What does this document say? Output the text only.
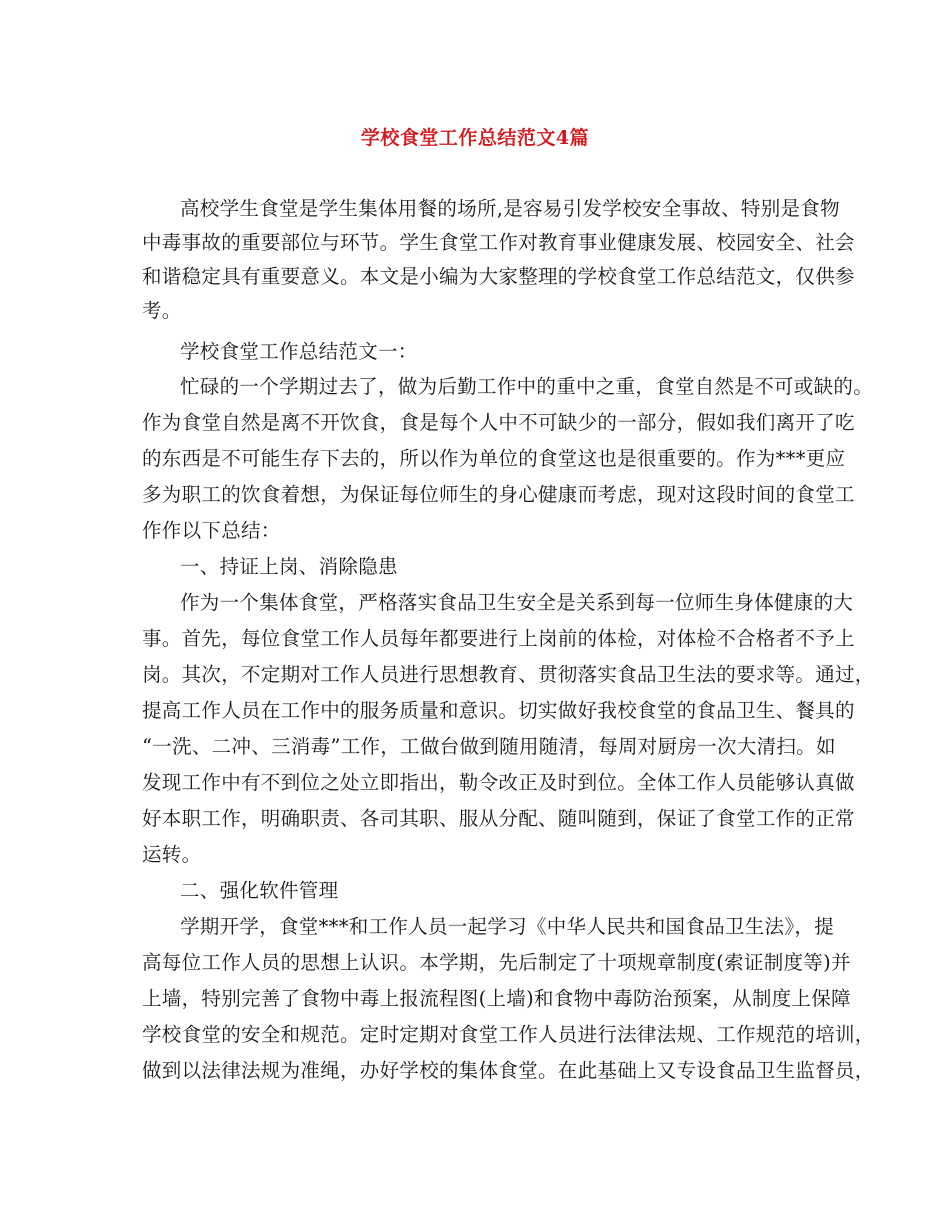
学校食堂工作总结范文4篇
高校学生食堂是学生集体用餐的场所,是容易引发学校安全事故、特别是食物
中毒事故的重要部位与环节。学生食堂工作对教育事业健康发展、校园安全、社会
和谐稳定具有重要意义。本文是小编为大家整理的学校食堂工作总结范文，仅供参
考。
学校食堂工作总结范文一：
忙碌的一个学期过去了，做为后勤工作中的重中之重，食堂自然是不可或缺的。
作为食堂自然是离不开饮食，食是每个人中不可缺少的一部分，假如我们离开了吃
的东西是不可能生存下去的，所以作为单位的食堂这也是很重要的。作为***更应
多为职工的饮食着想，为保证每位师生的身心健康而考虑，现对这段时间的食堂工
作作以下总结：
一、持证上岗、消除隐患
作为一个集体食堂，严格落实食品卫生安全是关系到每一位师生身体健康的大
事。首先，每位食堂工作人员每年都要进行上岗前的体检，对体检不合格者不予上
岗。其次，不定期对工作人员进行思想教育、贯彻落实食品卫生法的要求等。通过，
提高工作人员在工作中的服务质量和意识。切实做好我校食堂的食品卫生、餐具的
“一洗、二冲、三消毒”工作，工做台做到随用随清，每周对厨房一次大清扫。如
发现工作中有不到位之处立即指出，勒令改正及时到位。全体工作人员能够认真做
好本职工作，明确职责、各司其职、服从分配、随叫随到，保证了食堂工作的正常
运转。
二、强化软件管理
学期开学，食堂***和工作人员一起学习《中华人民共和国食品卫生法》，提
高每位工作人员的思想上认识。本学期，先后制定了十项规章制度(索证制度等)并
上墙，特别完善了食物中毒上报流程图(上墙)和食物中毒防治预案，从制度上保障
学校食堂的安全和规范。定时定期对食堂工作人员进行法律法规、工作规范的培训，
做到以法律法规为准绳，办好学校的集体食堂。在此基础上又专设食品卫生监督员，
